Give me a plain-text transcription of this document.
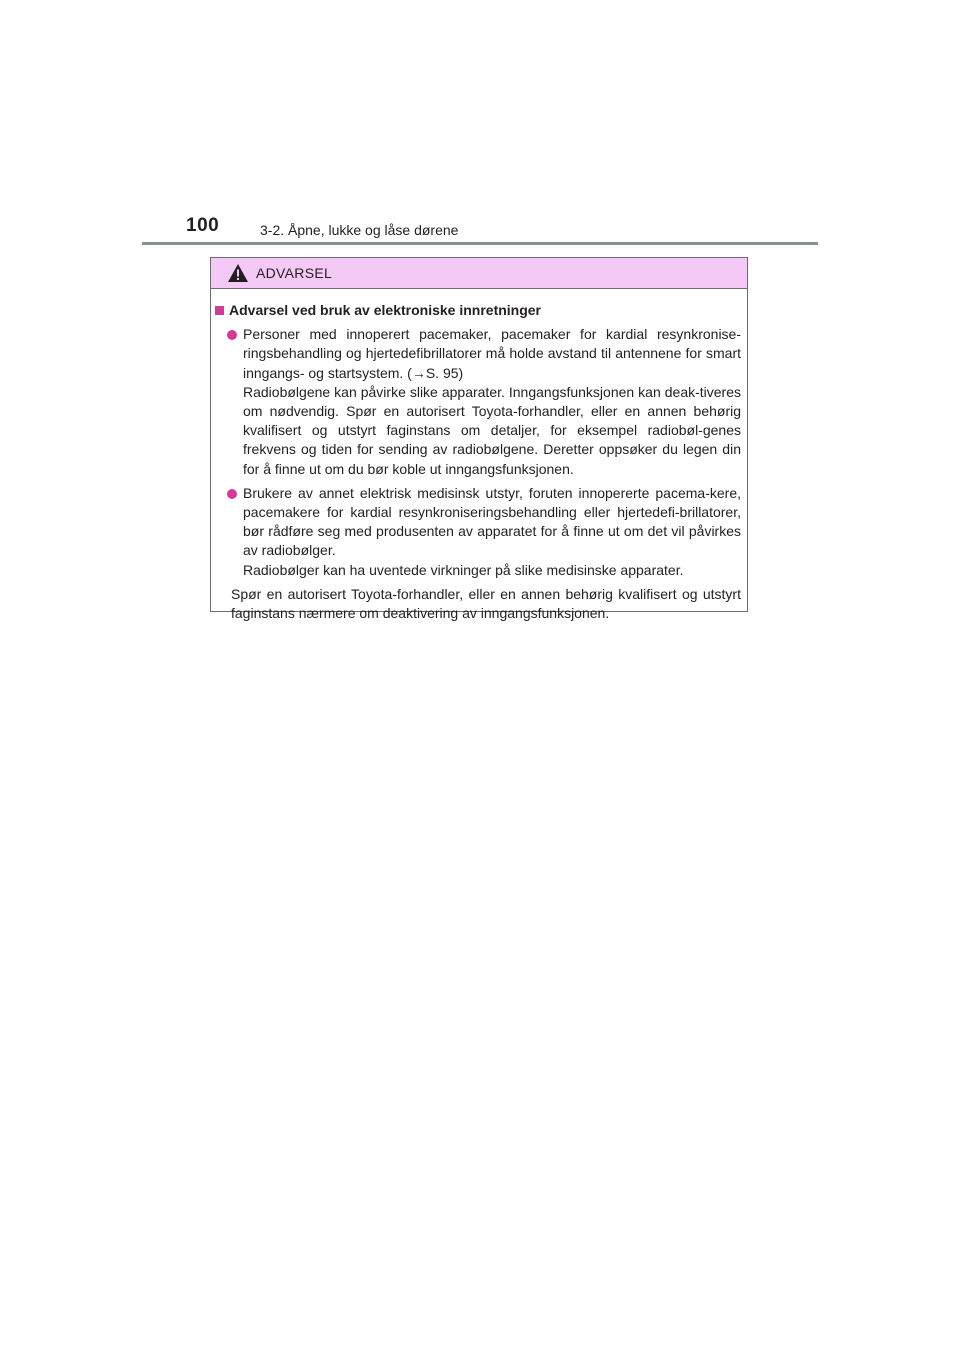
100	3-2. Åpne, lukke og låse dørene
ADVARSEL
Advarsel ved bruk av elektroniske innretninger

Personer med innoperert pacemaker, pacemaker for kardial resynkronise-ringsbehandling og hjertedefibrillatorer må holde avstand til antennene for smart inngangs- og startsystem. (→S. 95)

Radiobølgene kan påvirke slike apparater. Inngangsfunksjonen kan deak-tiveres om nødvendig. Spør en autorisert Toyota-forhandler, eller en annen behørig kvalifisert og utstyrt faginstans om detaljer, for eksempel radiobøl-genes frekvens og tiden for sending av radiobølgene. Deretter oppsøker du legen din for å finne ut om du bør koble ut inngangsfunksjonen.

Brukere av annet elektrisk medisinsk utstyr, foruten innopererte pacema-kere, pacemakere for kardial resynkroniseringsbehandling eller hjertedefi-brillatorer, bør rådføre seg med produsenten av apparatet for å finne ut om det vil påvirkes av radiobølger.

Radiobølger kan ha uventede virkninger på slike medisinske apparater.

Spør en autorisert Toyota-forhandler, eller en annen behørig kvalifisert og utstyrt faginstans nærmere om deaktivering av inngangsfunksjonen.
